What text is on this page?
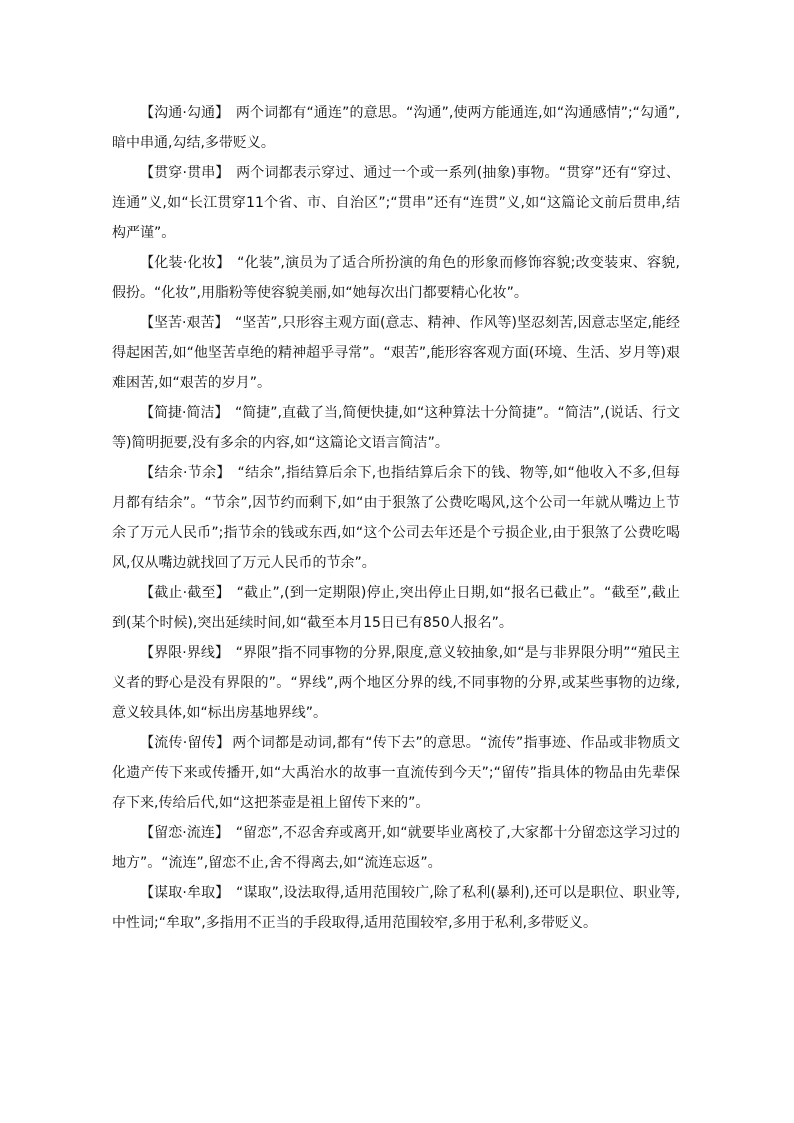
【沟通·勾通】 两个词都有“通连”的意思。“沟通”,使两方能通连,如“沟通感情”;“勾通”,暗中串通,勾结,多带贬义。

【贯穿·贯串】 两个词都表示穿过、通过一个或一系列(抽象)事物。“贯穿”还有“穿过、连通”义,如“长江贯穿11个省、市、自治区”;“贯串”还有“连贯”义,如“这篇论文前后贯串,结构严谨”。

【化装·化妆】 “化装”,演员为了适合所扮演的角色的形象而修饰容貌;改变装束、容貌,假扮。“化妆”,用脂粉等使容貌美丽,如“她每次出门都要精心化妆”。

【坚苦·艰苦】 “坚苦”,只形容主观方面(意志、精神、作风等)坚忍刻苦,因意志坚定,能经得起困苦,如“他坚苦卓绝的精神超乎寻常”。“艰苦”,能形容客观方面(环境、生活、岁月等)艰难困苦,如“艰苦的岁月”。

【简捷·简洁】 “简捷”,直截了当,简便快捷,如“这种算法十分简捷”。“简洁”,(说话、行文等)简明扼要,没有多余的内容,如“这篇论文语言简洁”。

【结余·节余】 “结余”,指结算后余下,也指结算后余下的钱、物等,如“他收入不多,但每月都有结余”。“节余”,因节约而剩下,如“由于狠煞了公费吃喝风,这个公司一年就从嘴边上节余了万元人民币”;指节余的钱或东西,如“这个公司去年还是个亏损企业,由于狠煞了公费吃喝风,仅从嘴边就找回了万元人民币的节余”。

【截止·截至】 “截止”,(到一定期限)停止,突出停止日期,如“报名已截止”。“截至”,截止到(某个时候),突出延续时间,如“截至本月15日已有850人报名”。

【界限·界线】 “界限”指不同事物的分界,限度,意义较抽象,如“是与非界限分明”“殖民主义者的野心是没有界限的”。“界线”,两个地区分界的线,不同事物的分界,或某些事物的边缘,意义较具体,如“标出房基地界线”。

【流传·留传】 两个词都是动词,都有“传下去”的意思。“流传”指事迹、作品或非物质文化遗产传下来或传播开,如“大禹治水的故事一直流传到今天”;“留传”指具体的物品由先辈保存下来,传给后代,如“这把茶壶是祖上留传下来的”。

【留恋·流连】 “留恋”,不忍舍弃或离开,如“就要毕业离校了,大家都十分留恋这学习过的地方”。“流连”,留恋不止,舍不得离去,如“流连忘返”。

【谋取·牟取】 “谋取”,设法取得,适用范围较广,除了私利(暴利),还可以是职位、职业等,中性词;“牟取”,多指用不正当的手段取得,适用范围较窄,多用于私利,多带贬义。
